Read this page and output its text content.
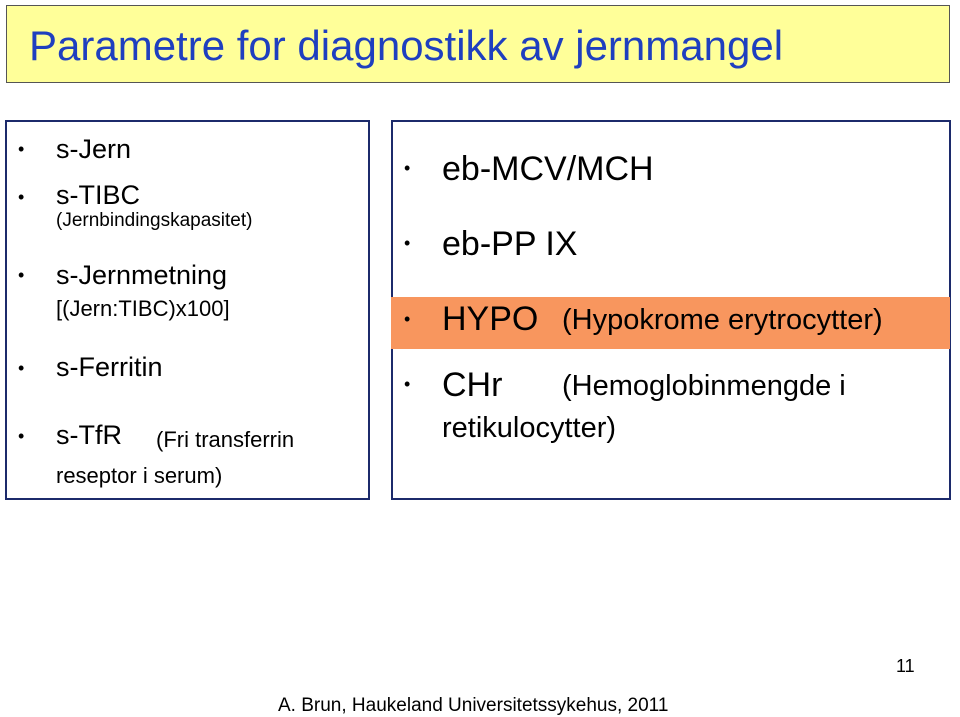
Parametre for diagnostikk av jernmangel
• s-Jern
• s-TIBC
(Jernbindingskapasitet)
• s-Jernmetning
[(Jern:TIBC)x100]
• s-Ferritin
• s-TfR (Fri transferrin
reseptor i serum)
• eb-MCV/MCH
• eb-PP IX
• HYPO (Hypokrome erytrocytter)
• CHr (Hemoglobinmengde i
retikulocytter)
11
A. Brun, Haukeland Universitetssykehus, 2011
